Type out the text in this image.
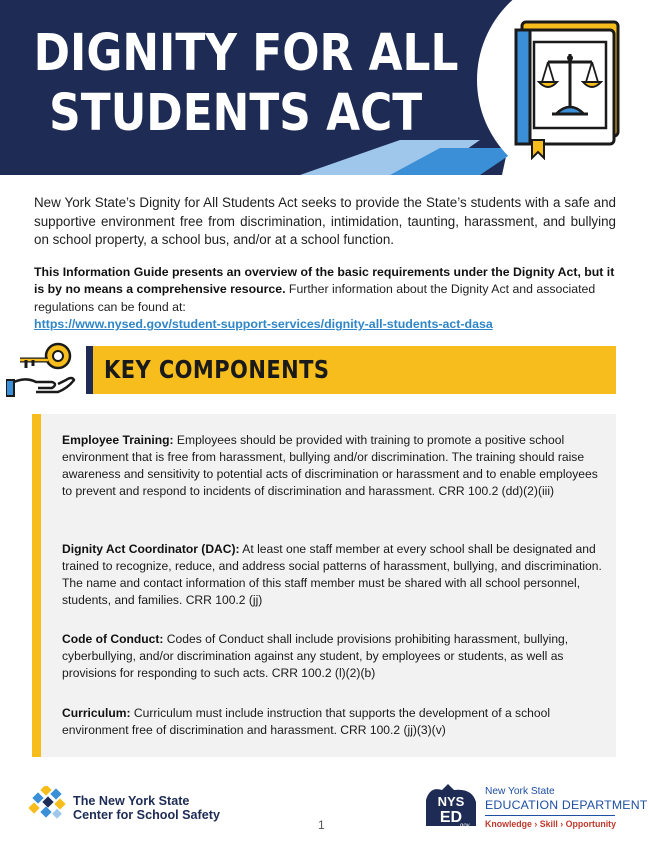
DIGNITY FOR ALL
STUDENTS ACT

New York State’s Dignity for All Students Act seeks to provide the State’s students with a safe and supportive environment free from discrimination, intimidation, taunting, harassment, and bullying on school property, a school bus, and/or at a school function.

This Information Guide presents an overview of the basic requirements under the Dignity Act, but it is by no means a comprehensive resource. Further information about the Dignity Act and associated regulations can be found at:
https://www.nysed.gov/student-support-services/dignity-all-students-act-dasa
KEY COMPONENTS

Employee Training: Employees should be provided with training to promote a positive school environment that is free from harassment, bullying and/or discrimination. The training should raise awareness and sensitivity to potential acts of discrimination or harassment and to enable employees to prevent and respond to incidents of discrimination and harassment. CRR 100.2 (dd)(2)(iii)

Dignity Act Coordinator (DAC): At least one staff member at every school shall be designated and trained to recognize, reduce, and address social patterns of harassment, bullying, and discrimination. The name and contact information of this staff member must be shared with all school personnel, students, and families. CRR 100.2 (jj)

Code of Conduct: Codes of Conduct shall include provisions prohibiting harassment, bullying, cyberbullying, and/or discrimination against any student, by employees or students, as well as provisions for responding to such acts. CRR 100.2 (l)(2)(b)

Curriculum: Curriculum must include instruction that supports the development of a school environment free of discrimination and harassment. CRR 100.2 (jj)(3)(v)

The New York State
Center for School Safety
1
NYS
ED
.gov
New York State
EDUCATION DEPARTMENT
Knowledge › Skill › Opportunity
